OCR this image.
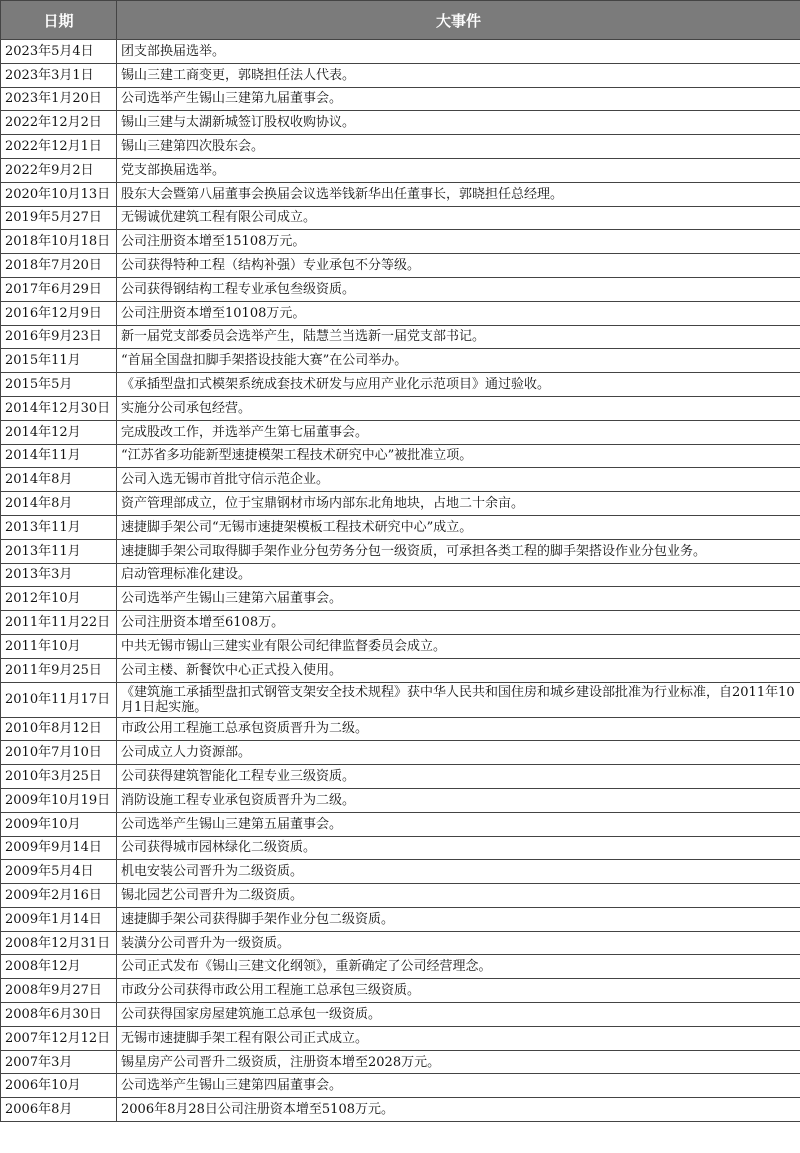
日期	大事件
2023年5月4日	团支部换届选举。
2023年3月1日	锡山三建工商变更，郭晓担任法人代表。
2023年1月20日	公司选举产生锡山三建第九届董事会。
2022年12月2日	锡山三建与太湖新城签订股权收购协议。
2022年12月1日	锡山三建第四次股东会。
2022年9月2日	党支部换届选举。
2020年10月13日	股东大会暨第八届董事会换届会议选举钱新华出任董事长，郭晓担任总经理。
2019年5月27日	无锡诚优建筑工程有限公司成立。
2018年10月18日	公司注册资本增至15108万元。
2018年7月20日	公司获得特种工程（结构补强）专业承包不分等级。
2017年6月29日	公司获得钢结构工程专业承包叁级资质。
2016年12月9日	公司注册资本增至10108万元。
2016年9月23日	新一届党支部委员会选举产生，陆慧兰当选新一届党支部书记。
2015年11月	“首届全国盘扣脚手架搭设技能大赛”在公司举办。
2015年5月	《承插型盘扣式模架系统成套技术研发与应用产业化示范项目》通过验收。
2014年12月30日	实施分公司承包经营。
2014年12月	完成股改工作，并选举产生第七届董事会。
2014年11月	“江苏省多功能新型速捷模架工程技术研究中心”被批准立项。
2014年8月	公司入选无锡市首批守信示范企业。
2014年8月	资产管理部成立，位于宝鼎钢材市场内部东北角地块，占地二十余亩。
2013年11月	速捷脚手架公司“无锡市速捷架模板工程技术研究中心”成立。
2013年11月	速捷脚手架公司取得脚手架作业分包劳务分包一级资质，可承担各类工程的脚手架搭设作业分包业务。
2013年3月	启动管理标准化建设。
2012年10月	公司选举产生锡山三建第六届董事会。
2011年11月22日	公司注册资本增至6108万。
2011年10月	中共无锡市锡山三建实业有限公司纪律监督委员会成立。
2011年9月25日	公司主楼、新餐饮中心正式投入使用。
2010年11月17日	《建筑施工承插型盘扣式钢管支架安全技术规程》获中华人民共和国住房和城乡建设部批准为行业标准，自2011年10月1日起实施。
2010年8月12日	市政公用工程施工总承包资质晋升为二级。
2010年7月10日	公司成立人力资源部。
2010年3月25日	公司获得建筑智能化工程专业三级资质。
2009年10月19日	消防设施工程专业承包资质晋升为二级。
2009年10月	公司选举产生锡山三建第五届董事会。
2009年9月14日	公司获得城市园林绿化二级资质。
2009年5月4日	机电安装公司晋升为二级资质。
2009年2月16日	锡北园艺公司晋升为二级资质。
2009年1月14日	速捷脚手架公司获得脚手架作业分包二级资质。
2008年12月31日	装潢分公司晋升为一级资质。
2008年12月	公司正式发布《锡山三建文化纲领》，重新确定了公司经营理念。
2008年9月27日	市政分公司获得市政公用工程施工总承包三级资质。
2008年6月30日	公司获得国家房屋建筑施工总承包一级资质。
2007年12月12日	无锡市速捷脚手架工程有限公司正式成立。
2007年3月	锡星房产公司晋升二级资质，注册资本增至2028万元。
2006年10月	公司选举产生锡山三建第四届董事会。
2006年8月	2006年8月28日公司注册资本增至5108万元。
